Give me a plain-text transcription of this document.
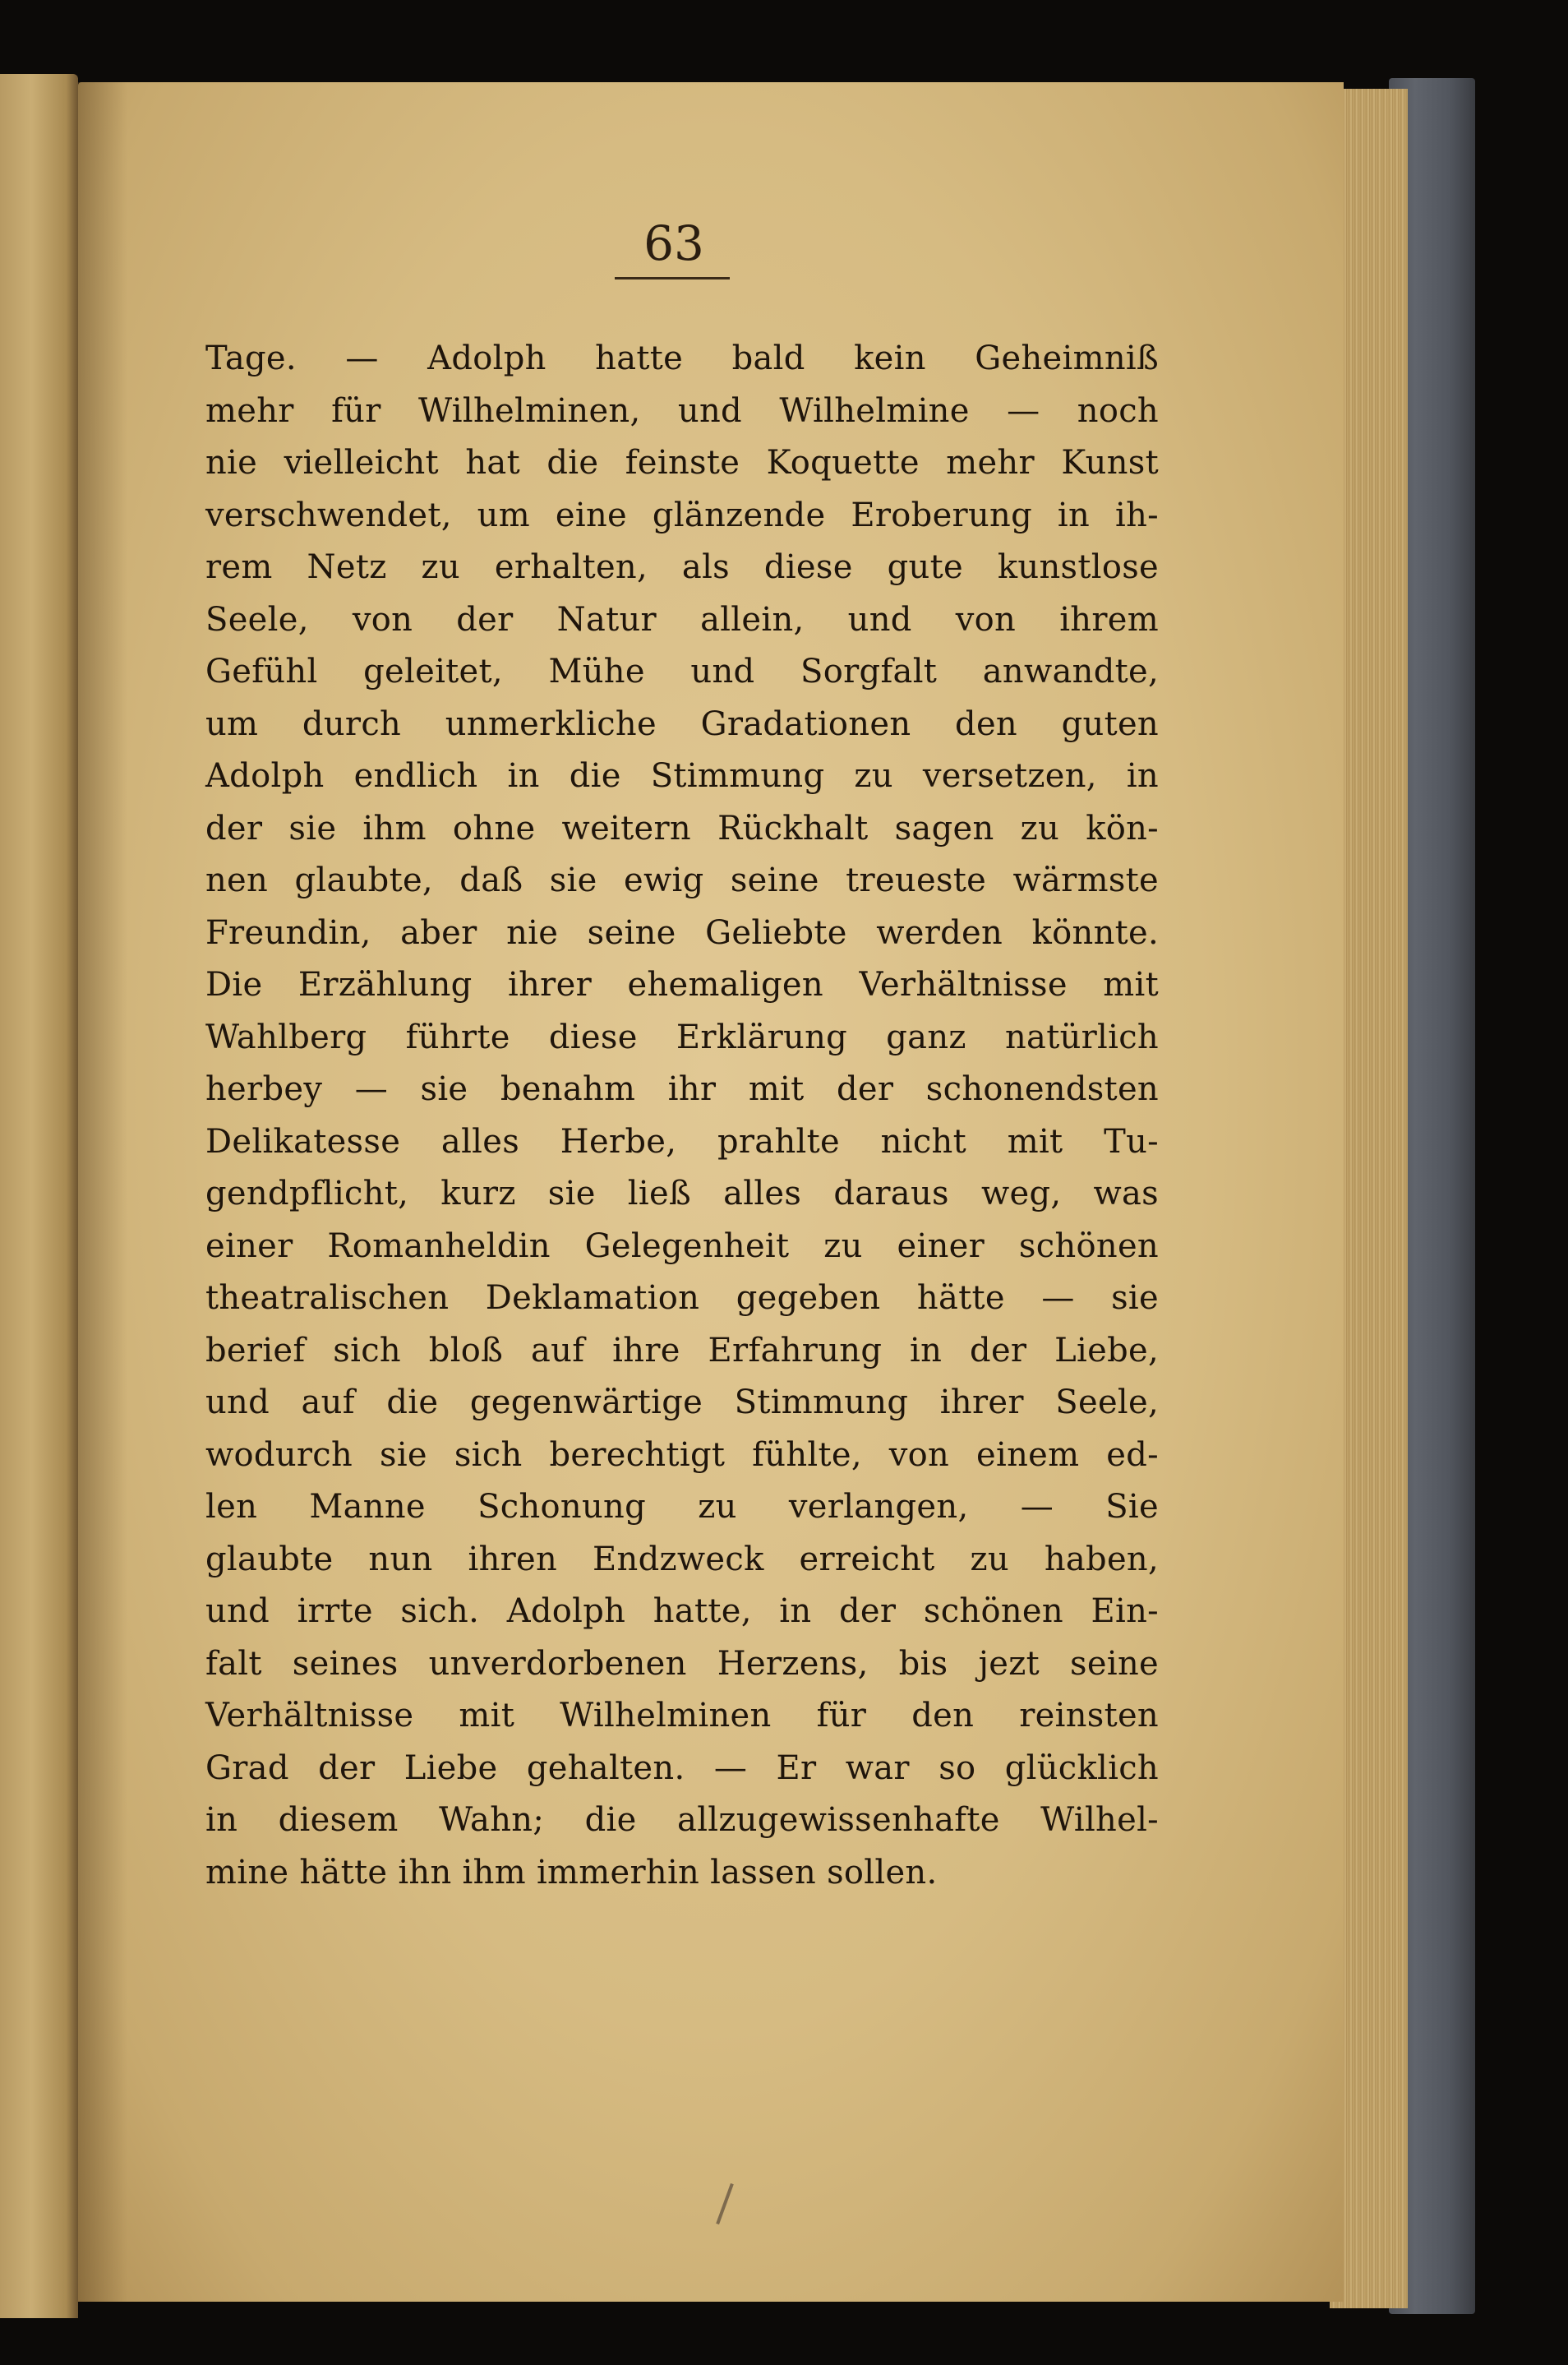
63
Tage. — Adolph hatte bald kein Geheimniß
mehr für Wilhelminen, und Wilhelmine — noch
nie vielleicht hat die feinste Koquette mehr Kunst
verschwendet, um eine glänzende Eroberung in ih-
rem Netz zu erhalten, als diese gute kunstlose
Seele, von der Natur allein, und von ihrem
Gefühl geleitet, Mühe und Sorgfalt anwandte,
um durch unmerkliche Gradationen den guten
Adolph endlich in die Stimmung zu versetzen, in
der sie ihm ohne weitern Rückhalt sagen zu kön-
nen glaubte, daß sie ewig seine treueste wärmste
Freundin, aber nie seine Geliebte werden könnte.
Die Erzählung ihrer ehemaligen Verhältnisse mit
Wahlberg führte diese Erklärung ganz natürlich
herbey — sie benahm ihr mit der schonendsten
Delikatesse alles Herbe, prahlte nicht mit Tu-
gendpflicht, kurz sie ließ alles daraus weg, was
einer Romanheldin Gelegenheit zu einer schönen
theatralischen Deklamation gegeben hätte — sie
berief sich bloß auf ihre Erfahrung in der Liebe,
und auf die gegenwärtige Stimmung ihrer Seele,
wodurch sie sich berechtigt fühlte, von einem ed-
len Manne Schonung zu verlangen, — Sie
glaubte nun ihren Endzweck erreicht zu haben,
und irrte sich. Adolph hatte, in der schönen Ein-
falt seines unverdorbenen Herzens, bis jezt seine
Verhältnisse mit Wilhelminen für den reinsten
Grad der Liebe gehalten. — Er war so glücklich
in diesem Wahn; die allzugewissenhafte Wilhel-
mine hätte ihn ihm immerhin lassen sollen.
